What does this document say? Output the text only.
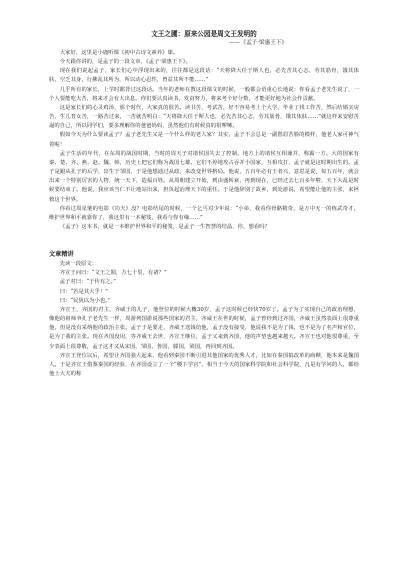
文王之圃：原来公园是周文王发明的
——《孟子·梁惠王下》

大家好，这里是小鹿听课《初中古诗文素养》课。

今天跟你讲的，是孟子的一段文章，《孟子·梁惠王下》。

现在我们说起孟子，家长们心中浮现出来的，往往都是这段话：“天将降大任于斯人也，必先苦其心志，劳其筋骨，饿其体肤，空乏其身，行拂乱其所为，所以动心忍性，曾益其所不能……”

几乎所有的家长，上学时都背过这段话。当年的老师在教这段课文的时候，一般都会语重心长地说：你看孟子老先生说了，一个人要能吃大苦，将来才会有大出息。你们要认真读书，发奋努力，将来考个好分数，才能更好地为社会作贡献。

这是家长们的心灵鸡汤，那个时代，大家真的很苦。读书苦，考试苦，好不容易考上个大学，毕业了找工作苦，然后结婚买房苦，生儿育女苦，一路苦过来，一苦就苦明白：“天将降大任于斯人也，必先苦其心志，劳其筋骨，饿其体肤……”就这样来安慰苦逼的自己，所以同学们，要多理解你的爸爸妈妈，虽然他们有时候真的很啰嗦。

假如今天为什么要读孟子？孟子老先生又是一个什么样的老人家？其实，孟子不会总是一副愁眉苦脸的模样，他老人家可神气着呢！

孟子生活的年代，在东周的战国时期，当时的周天子对诸侯国失去了控制，地方上的诸侯互相兼并，称霸一方。大的国家有秦、楚、齐、燕、赵、魏、韩，历史上把它们称为战国七雄。它们不停地攻占吞并小国家，互相攻打，孟子就是这时期出生的。孟子是跟从孔子的后学，出生于邹国，于是他想通过从政，来改变世界格局。他说，五百年必有王者兴，意思是说，每五百年，就会出来一个特别厉害的人物，统一天下，造福百姓。从周朝建立开始，到由盛转衰，再到现在，已经过去七百多年啦，天下大乱是时候要结束了。他说，我应该当仁不让地站出来，担负起治理天下的重任。于是他辞别了故乡，到处游说，希望能让他的主张，来拯救这个世界。

你看过周星驰的电影《功夫》没？电影结尾的时候，一个乞丐对少年说：“小弟，我看你骨骼精奇，是万中无一的练武奇才，维护世界和平就靠你了，我这里有一本秘笈，我看与你有缘……”

《孟子》这本书，就是一本维护世界和平的秘笈，是孟子一生智慧的结晶，你，想看吗？

文章精讲

先读一段原文：

齐宣王问曰：“文王之囿，方七十里，有诸？”

孟子对曰：“于传有之。”

曰：“若是其大乎！”

曰：“民犹以为小也。”

齐宣王，齐国的君主，齐威王的儿子，他登位的时候大概30岁，孟子这时候已经快70岁了。孟子为了实现自己的政治理想，像他的祖师爷孔子老先生一样，周游列国游说那些国家的君主，齐威王在世的时候，孟子曾经到过齐国，齐威王虽然表面上很尊重他，但是没有采纳他的政治主张。孟子于是要走，齐威王送钱给他，孟子没有接受，他说我不是为了钱，也不是为了名声和官位，是为了我的主张。现在齐国没用，等齐威王去世，齐宣王继位，孟子又来到齐国，他的声望也越来越大。齐宣王也对他很尊重，至少表面上很尊敬，孟子这才又从宋国，邹国，鲁国，滕国，梁国，再回到齐国。

齐宣王登位以后，希望让齐国强大起来，他看到秦国不断引进其他国家的优秀人才，比如在秦国搞改革的商鞅，他本来是魏国人。于是齐宣王借鉴秦国的经验，在齐国设立了一个“稷下学宫”，相当于今天的国家科学院和社会科学院，凡是有学问的人，都给他士大夫的称
